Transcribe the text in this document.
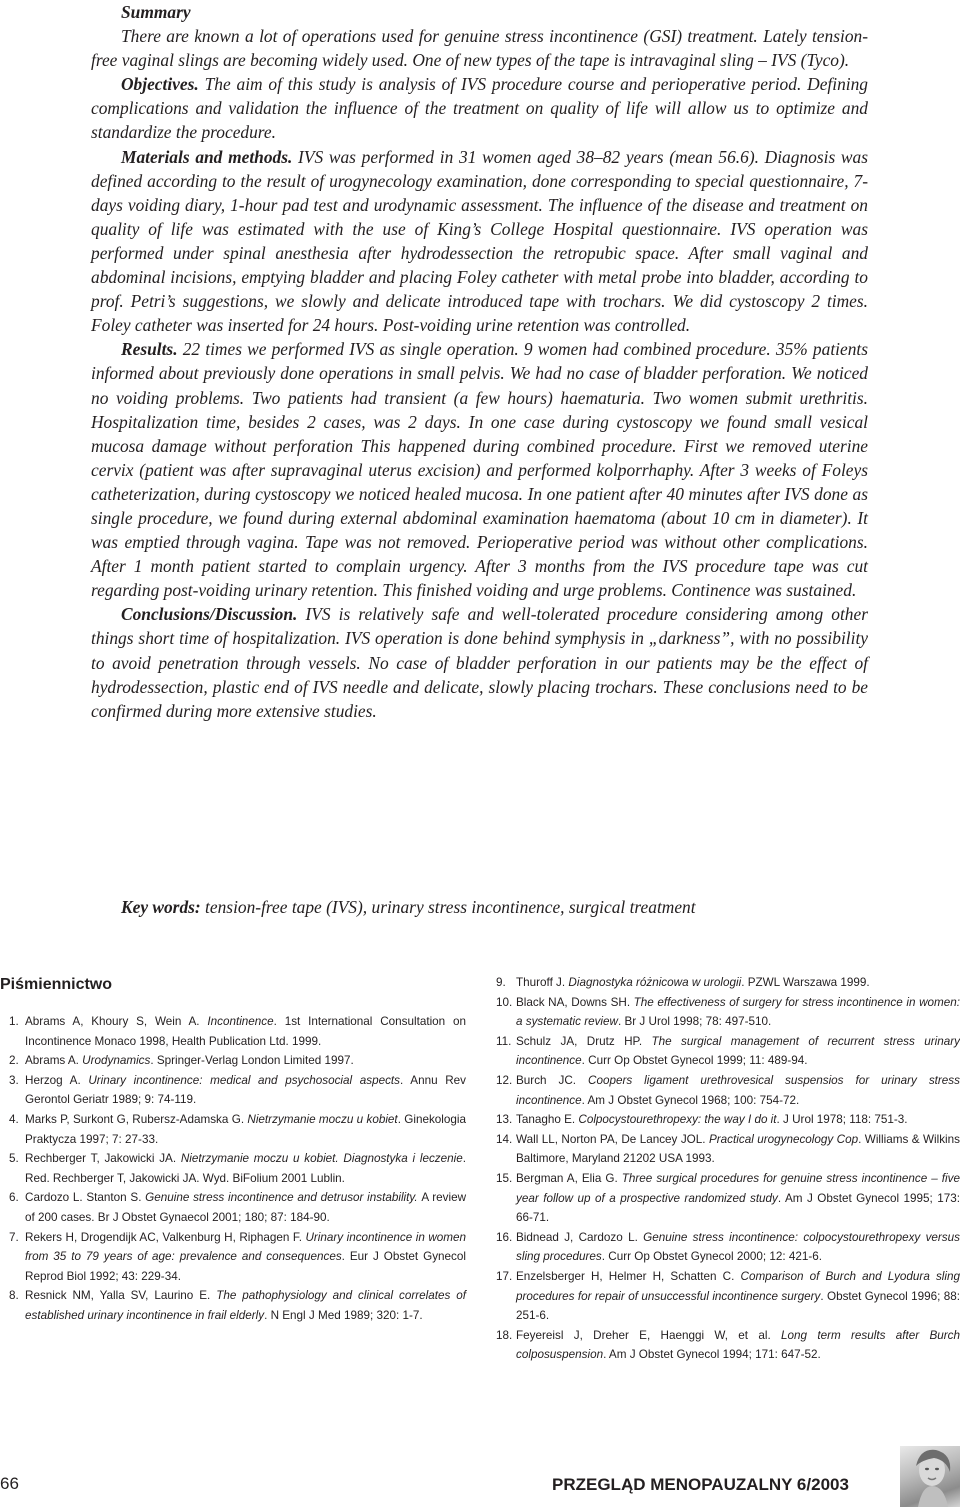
Summary

There are known a lot of operations used for genuine stress incontinence (GSI) treatment. Lately tension-free vaginal slings are becoming widely used. One of new types of the tape is intravaginal sling – IVS (Tyco).

Objectives. The aim of this study is analysis of IVS procedure course and perioperative period. Defining complications and validation the influence of the treatment on quality of life will allow us to optimize and standardize the procedure.

Materials and methods. IVS was performed in 31 women aged 38–82 years (mean 56.6). Diagnosis was defined according to the result of urogynecology examination, done corresponding to special questionnaire, 7-days voiding diary, 1-hour pad test and urodynamic assessment. The influence of the disease and treatment on quality of life was estimated with the use of King’s College Hospital questionnaire. IVS operation was performed under spinal anesthesia after hydrodessection the retropubic space. After small vaginal and abdominal incisions, emptying bladder and placing Foley catheter with metal probe into bladder, according to prof. Petri’s suggestions, we slowly and delicate introduced tape with trochars. We did cystoscopy 2 times. Foley catheter was inserted for 24 hours. Post-voiding urine retention was controlled.

Results. 22 times we performed IVS as single operation. 9 women had combined procedure. 35% patients informed about previously done operations in small pelvis. We had no case of bladder perforation. We noticed no voiding problems. Two patients had transient (a few hours) haematuria. Two women submit urethritis. Hospitalization time, besides 2 cases, was 2 days. In one case during cystoscopy we found small vesical mucosa damage without perforation This happened during combined procedure. First we removed uterine cervix (patient was after supravaginal uterus excision) and performed kolporrhaphy. After 3 weeks of Foleys catheterization, during cystoscopy we noticed healed mucosa. In one patient after 40 minutes after IVS done as single procedure, we found during external abdominal examination haematoma (about 10 cm in diameter). It was emptied through vagina. Tape was not removed. Perioperative period was without other complications. After 1 month patient started to complain urgency. After 3 months from the IVS procedure tape was cut regarding post-voiding urinary retention. This finished voiding and urge problems. Continence was sustained.

Conclusions/Discussion. IVS is relatively safe and well-tolerated procedure considering among other things short time of hospitalization. IVS operation is done behind symphysis in „darkness”, with no possibility to avoid penetration through vessels. No case of bladder perforation in our patients may be the effect of hydrodessection, plastic end of IVS needle and delicate, slowly placing trochars. These conclusions need to be confirmed during more extensive studies.

Key words: tension-free tape (IVS), urinary stress incontinence, surgical treatment
Piśmiennictwo
1. Abrams A, Khoury S, Wein A. Incontinence. 1st International Consultation on Incontinence Monaco 1998, Health Publication Ltd. 1999.
2. Abrams A. Urodynamics. Springer-Verlag London Limited 1997.
3. Herzog A. Urinary incontinence: medical and psychosocial aspects. Annu Rev Gerontol Geriatr 1989; 9: 74-119.
4. Marks P, Surkont G, Rubersz-Adamska G. Nietrzymanie moczu u kobiet. Ginekologia Praktycza 1997; 7: 27-33.
5. Rechberger T, Jakowicki JA. Nietrzymanie moczu u kobiet. Diagnostyka i leczenie. Red. Rechberger T, Jakowicki JA. Wyd. BiFolium 2001 Lublin.
6. Cardozo L. Stanton S. Genuine stress incontinence and detrusor instability. A review of 200 cases. Br J Obstet Gynaecol 2001; 180; 87: 184-90.
7. Rekers H, Drogendijk AC, Valkenburg H, Riphagen F. Urinary incontinence in women from 35 to 79 years of age: prevalence and consequences. Eur J Obstet Gynecol Reprod Biol 1992; 43: 229-34.
8. Resnick NM, Yalla SV, Laurino E. The pathophysiology and clinical correlates of established urinary incontinence in frail elderly. N Engl J Med 1989; 320: 1-7.
9. Thuroff J. Diagnostyka różnicowa w urologii. PZWL Warszawa 1999.
10. Black NA, Downs SH. The effectiveness of surgery for stress incontinence in women: a systematic review. Br J Urol 1998; 78: 497-510.
11. Schulz JA, Drutz HP. The surgical management of recurrent stress urinary incontinence. Curr Op Obstet Gynecol 1999; 11: 489-94.
12. Burch JC. Coopers ligament urethrovesical suspensios for urinary stress incontinence. Am J Obstet Gynecol 1968; 100: 754-72.
13. Tanagho E. Colpocystourethropexy: the way I do it. J Urol 1978; 118: 751-3.
14. Wall LL, Norton PA, De Lancey JOL. Practical urogynecology Cop. Williams & Wilkins Baltimore, Maryland 21202 USA 1993.
15. Bergman A, Elia G. Three surgical procedures for genuine stress incontinence – five year follow up of a prospective randomized study. Am J Obstet Gynecol 1995; 173: 66-71.
16. Bidnead J, Cardozo L. Genuine stress incontinence: colpocystourethropexy versus sling procedures. Curr Op Obstet Gynecol 2000; 12: 421-6.
17. Enzelsberger H, Helmer H, Schatten C. Comparison of Burch and Lyodura sling procedures for repair of unsuccessful incontinence surgery. Obstet Gynecol 1996; 88: 251-6.
18. Feyereisl J, Dreher E, Haenggi W, et al. Long term results after Burch colposuspension. Am J Obstet Gynecol 1994; 171: 647-52.
66	PRZEGLĄD MENOPAUZALNY 6/2003
